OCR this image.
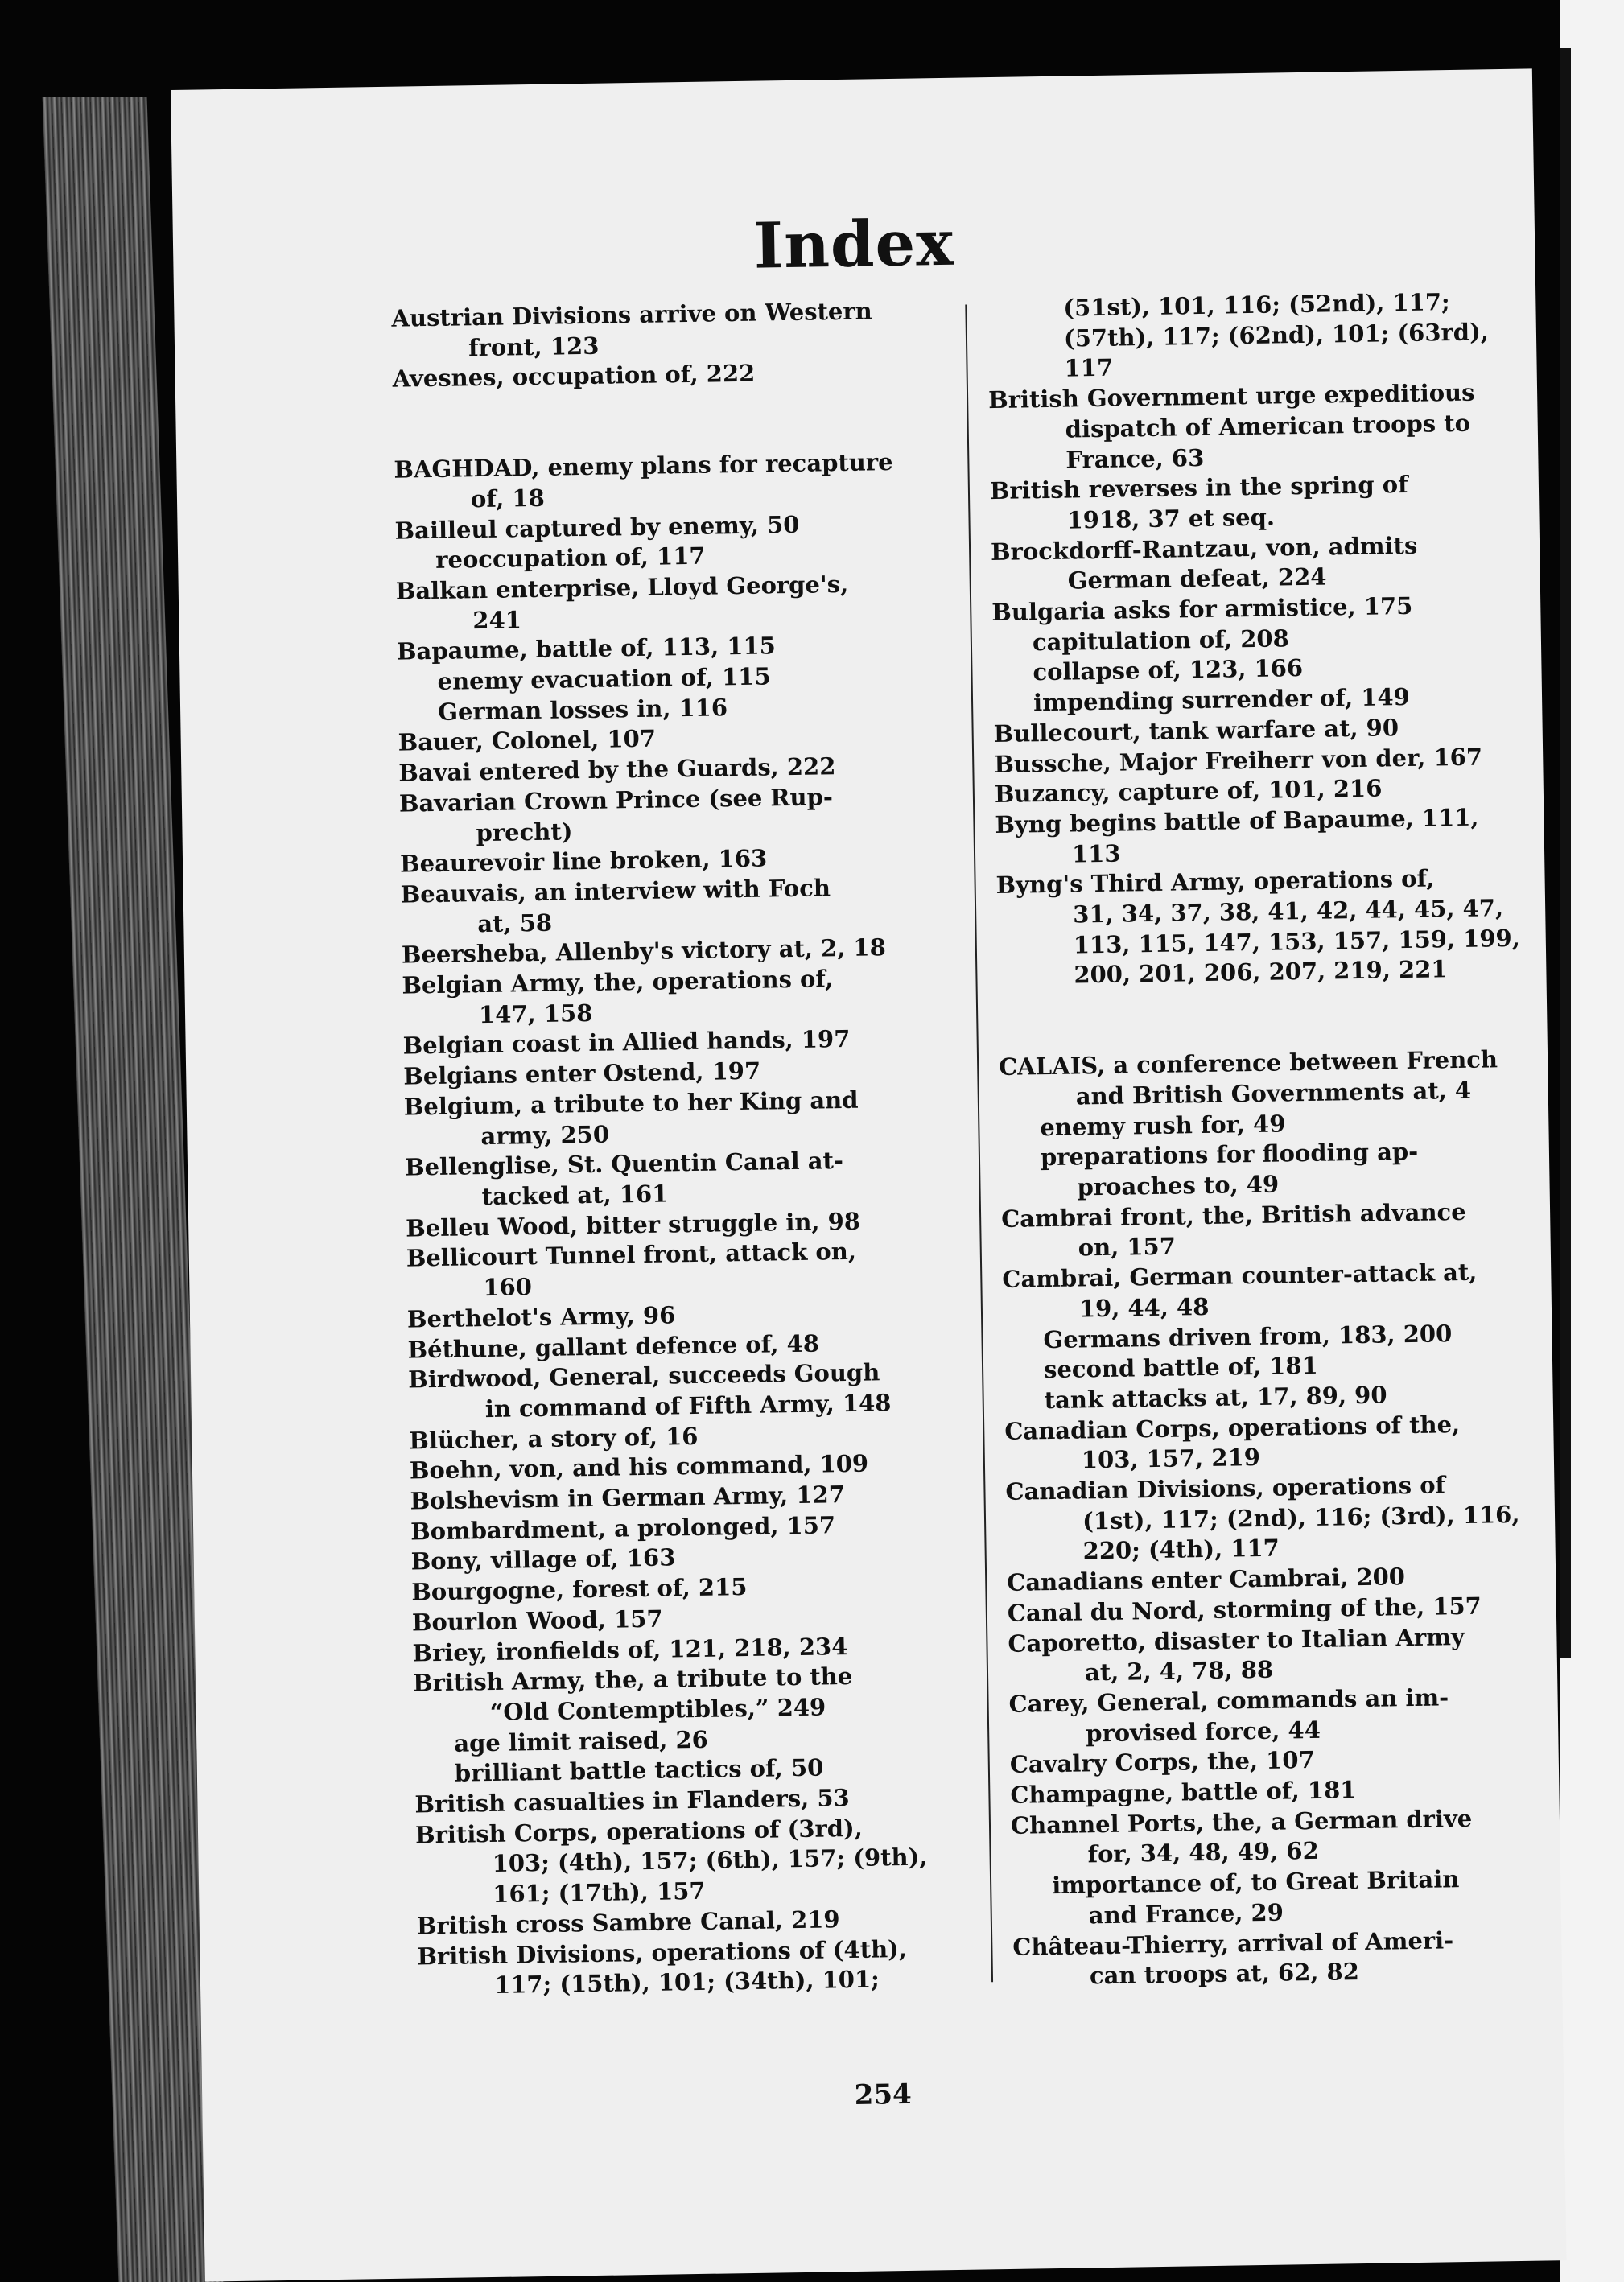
Index
Austrian Divisions arrive on Western
front, 123
Avesnes, occupation of, 222
BAGHDAD, enemy plans for recapture
of, 18
Bailleul captured by enemy, 50
reoccupation of, 117
Balkan enterprise, Lloyd George's,
241
Bapaume, battle of, 113, 115
enemy evacuation of, 115
German losses in, 116
Bauer, Colonel, 107
Bavai entered by the Guards, 222
Bavarian Crown Prince (see Rup-
precht)
Beaurevoir line broken, 163
Beauvais, an interview with Foch
at, 58
Beersheba, Allenby's victory at, 2, 18
Belgian Army, the, operations of,
147, 158
Belgian coast in Allied hands, 197
Belgians enter Ostend, 197
Belgium, a tribute to her King and
army, 250
Bellenglise, St. Quentin Canal at-
tacked at, 161
Belleu Wood, bitter struggle in, 98
Bellicourt Tunnel front, attack on,
160
Berthelot's Army, 96
Béthune, gallant defence of, 48
Birdwood, General, succeeds Gough
in command of Fifth Army, 148
Blücher, a story of, 16
Boehn, von, and his command, 109
Bolshevism in German Army, 127
Bombardment, a prolonged, 157
Bony, village of, 163
Bourgogne, forest of, 215
Bourlon Wood, 157
Briey, ironfields of, 121, 218, 234
British Army, the, a tribute to the
“Old Contemptibles,” 249
age limit raised, 26
brilliant battle tactics of, 50
British casualties in Flanders, 53
British Corps, operations of (3rd),
103; (4th), 157; (6th), 157; (9th),
161; (17th), 157
British cross Sambre Canal, 219
British Divisions, operations of (4th),
117; (15th), 101; (34th), 101;
(51st), 101, 116; (52nd), 117;
(57th), 117; (62nd), 101; (63rd),
117
British Government urge expeditious
dispatch of American troops to
France, 63
British reverses in the spring of
1918, 37 et seq.
Brockdorff-Rantzau, von, admits
German defeat, 224
Bulgaria asks for armistice, 175
capitulation of, 208
collapse of, 123, 166
impending surrender of, 149
Bullecourt, tank warfare at, 90
Bussche, Major Freiherr von der, 167
Buzancy, capture of, 101, 216
Byng begins battle of Bapaume, 111,
113
Byng's Third Army, operations of,
31, 34, 37, 38, 41, 42, 44, 45, 47,
113, 115, 147, 153, 157, 159, 199,
200, 201, 206, 207, 219, 221
CALAIS, a conference between French
and British Governments at, 4
enemy rush for, 49
preparations for flooding ap-
proaches to, 49
Cambrai front, the, British advance
on, 157
Cambrai, German counter-attack at,
19, 44, 48
Germans driven from, 183, 200
second battle of, 181
tank attacks at, 17, 89, 90
Canadian Corps, operations of the,
103, 157, 219
Canadian Divisions, operations of
(1st), 117; (2nd), 116; (3rd), 116,
220; (4th), 117
Canadians enter Cambrai, 200
Canal du Nord, storming of the, 157
Caporetto, disaster to Italian Army
at, 2, 4, 78, 88
Carey, General, commands an im-
provised force, 44
Cavalry Corps, the, 107
Champagne, battle of, 181
Channel Ports, the, a German drive
for, 34, 48, 49, 62
importance of, to Great Britain
and France, 29
Château-Thierry, arrival of Ameri-
can troops at, 62, 82
254
